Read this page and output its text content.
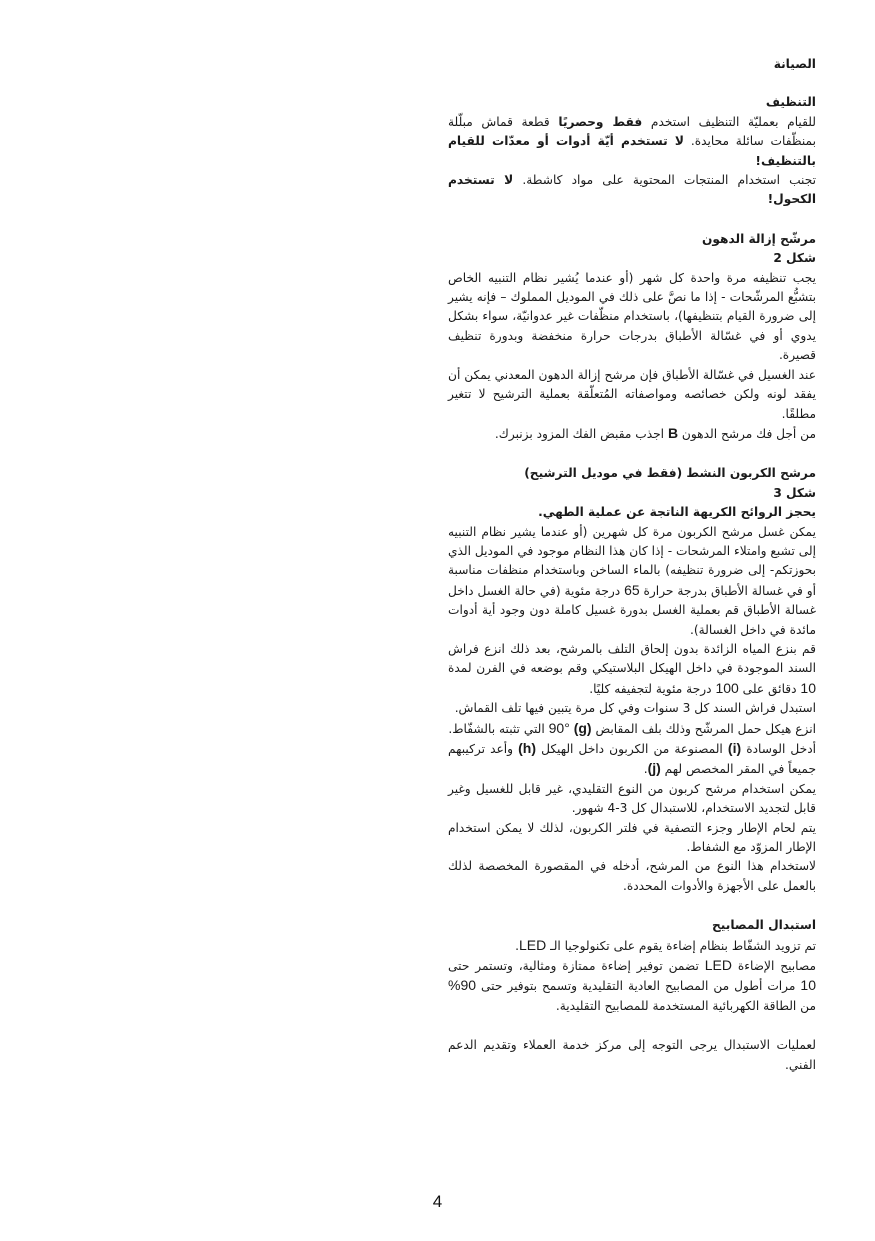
الصيانة

التنظيف

للقيام بعمليّة التنظيف استخدم فقط وحصريًا قطعة قماش مبلّلة بمنظّفات سائلة محايدة. لا تستخدم أيّة أدوات أو معدّات للقيام بالتنظيف!

تجنب استخدام المنتجات المحتوية على مواد كاشطة. لا تستخدم الكحول!

مرشّح إزالة الدهون

شكل 2

يجب تنظيفه مرة واحدة كل شهر (أو عندما يُشير نظام التنبيه الخاص بتشبُّع المرشّحات - إذا ما نصَّ على ذلك في الموديل المملوك – فإنه يشير إلى ضرورة القيام بتنظيفها)، باستخدام منظّفات غير عدوانيّة، سواء بشكل يدوي أو في غسّالة الأطباق بدرجات حرارة منخفضة وبدورة تنظيف قصيرة.

عند الغسيل في غسّالة الأطباق فإن مرشح إزالة الدهون المعدني يمكن أن يفقد لونه ولكن خصائصه ومواصفاته المُتعلّقة بعملية الترشيح لا تتغير مطلقًا.

من أجل فك مرشح الدهون B اجذب مقبض الفك المزود بزنبرك.

مرشح الكربون النشط (فقط في موديل الترشيح)

شكل 3

يحجز الروائح الكريهة الناتجة عن عملية الطهي.

يمكن غسل مرشح الكربون مرة كل شهرين (أو عندما يشير نظام التنبيه إلى تشبع وامتلاء المرشحات - إذا كان هذا النظام موجود في الموديل الذي بحوزتكم- إلى ضرورة تنظيفه) بالماء الساخن وباستخدام منظفات مناسبة أو في غسالة الأطباق بدرجة حرارة 65 درجة مئوية (في حالة الغسل داخل غسالة الأطباق قم بعملية الغسل بدورة غسيل كاملة دون وجود أية أدوات مائدة في داخل الغسالة).

قم بنزع المياه الزائدة بدون إلحاق التلف بالمرشح، بعد ذلك انزع فراش السند الموجودة في داخل الهيكل البلاستيكي وقم بوضعه في الفرن لمدة 10 دقائق على 100 درجة مئوية لتجفيفه كليًا.

استبدل فراش السند كل 3 سنوات وفي كل مرة يتبين فيها تلف القماش.

انزع هيكل حمل المرشّح وذلك بلف المقابض (g) 90° التي تثبته بالشفّاط.

أدخل الوسادة (i) المصنوعة من الكربون داخل الهيكل (h) وأعد تركيبهم جميعاً في المقر المخصص لهم (j).

يمكن استخدام مرشح كربون من النوع التقليدي، غير قابل للغسيل وغير قابل لتجديد الاستخدام، للاستبدال كل 3-4 شهور.

يتم لحام الإطار وجزء التصفية في فلتر الكربون، لذلك لا يمكن استخدام الإطار المزوّد مع الشفاط.

لاستخدام هذا النوع من المرشح، أدخله في المقصورة المخصصة لذلك بالعمل على الأجهزة والأدوات المحددة.

استبدال المصابيح

تم تزويد الشفّاط بنظام إضاءة يقوم على تكنولوجيا الـ LED.

مصابيح الإضاءة LED تضمن توفير إضاءة ممتازة ومثالية، وتستمر حتى 10 مرات أطول من المصابيح العادية التقليدية وتسمح بتوفير حتى 90% من الطاقة الكهربائية المستخدمة للمصابيح التقليدية.

لعمليات الاستبدال يرجى التوجه إلى مركز خدمة العملاء وتقديم الدعم الفني.

4
